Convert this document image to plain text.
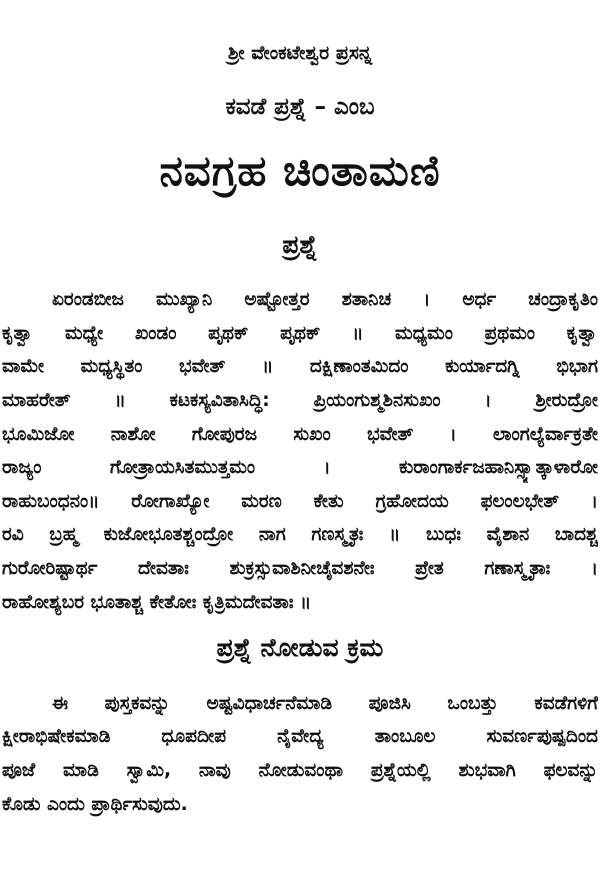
ಶ್ರೀ ವೇಂಕಟೇಶ್ವರ ಪ್ರಸನ್ನ
ಕವಡೆ ಪ್ರಶ್ನೆ – ಎಂಬ
ನವಗ್ರಹ ಚಿಂತಾಮಣಿ
ಪ್ರಶ್ನೆ
ಏರಂಡಬೀಜ ಮುಖ್ಯಾನಿ ಅಷ್ಟೋತ್ತರ ಶತಾನಿಚ । ಅರ್ಧ ಚಂದ್ರಾಕೃತಿಂ
ಕೃತ್ವಾ ಮಧ್ಯೇ ಖಂಡಂ ಪೃಥಕ್ ಪೃಥಕ್ ॥ ಮಧ್ಯಮಂ ಪ್ರಥಮಂ ಕೃತ್ವಾ
ವಾಮೇ ಮಧ್ಯಸ್ಥಿತಂ ಭವೇತ್ ॥ ದಕ್ಷಿಣಾಂತಮಿದಂ ಕುರ್ಯಾದಗ್ನಿ ಭಿಭಾಗ
ಮಾಹರೇತ್ ॥ ಕಟಕಸ್ಯವಿತಾಸಿದ್ಧಿ: ಪ್ರಿಯಂಗುಶ್ಮಶಿನಸುಖಂ । ಶ್ರೀರುದ್ರೋ
ಭೂಮಿಜೋ ನಾಶೋ ಗೋಪುರಜ ಸುಖಂ ಭವೇತ್ । ಲಾಂಗಲ್ಯೆರ್ವಾಕ್ರತೇ
ರಾಜ್ಯಂ ಗೋತ್ರಾಯಸಿತಮುತ್ತಮಂ । ಕುರಾಂಗಾರ್ಕಜಹಾನಿಸ್ಸ್ಯಾತ್ಕಾಳಾರೋ
ರಾಹುಬಂಧನಂ॥ ರೋಗಾಖ್ಯೋ ಮರಣ ಕೇತು ಗ್ರಹೋದಯ ಫಲಂಲಭೇತ್ ।
ರವಿ ಬ್ರಹ್ಮ ಕುಜೋಭೂತಶ್ಚಂದ್ರೋ ನಾಗ ಗಣಸ್ಮೃತಃ ॥ ಬುಧಃ ವೈಶಾನ ಬಾದಶ್ಚ
ಗುರೋರಿಷ್ಟಾರ್ಥ ದೇವತಾಃ ಶುಕ್ರಸ್ಸುವಾಶಿನೀಚೈವಶನೇಃ ಪ್ರೇತ ಗಣಾಸ್ಮೃತಾಃ ।
ರಾಹೋಶ್ಯಬರ ಭೂತಾಶ್ಚ ಕೇತೋಃ ಕೃತ್ರಿಮದೇವತಾಃ ॥
ಪ್ರಶ್ನೆ ನೋಡುವ ಕ್ರಮ
ಈ ಪುಸ್ತಕವನ್ನು ಅಷ್ಟವಿಧಾರ್ಚನೆಮಾಡಿ ಪೂಜಿಸಿ ಒಂಬತ್ತು ಕವಡೆಗಳಿಗೆ
ಕ್ಷೀರಾಭಿಷೇಕಮಾಡಿ ಧೂಪದೀಪ ನೈವೇದ್ಯ ತಾಂಬೂಲ ಸುವರ್ಣಪುಷ್ಪದಿಂದ
ಪೂಜೆ ಮಾಡಿ ಸ್ವಾಮಿ, ನಾವು ನೋಡುವಂಥಾ ಪ್ರಶ್ನೆಯಲ್ಲಿ ಶುಭವಾಗಿ ಫಲವನ್ನು
ಕೊಡು ಎಂದು ಪ್ರಾರ್ಥಿಸುವುದು.
